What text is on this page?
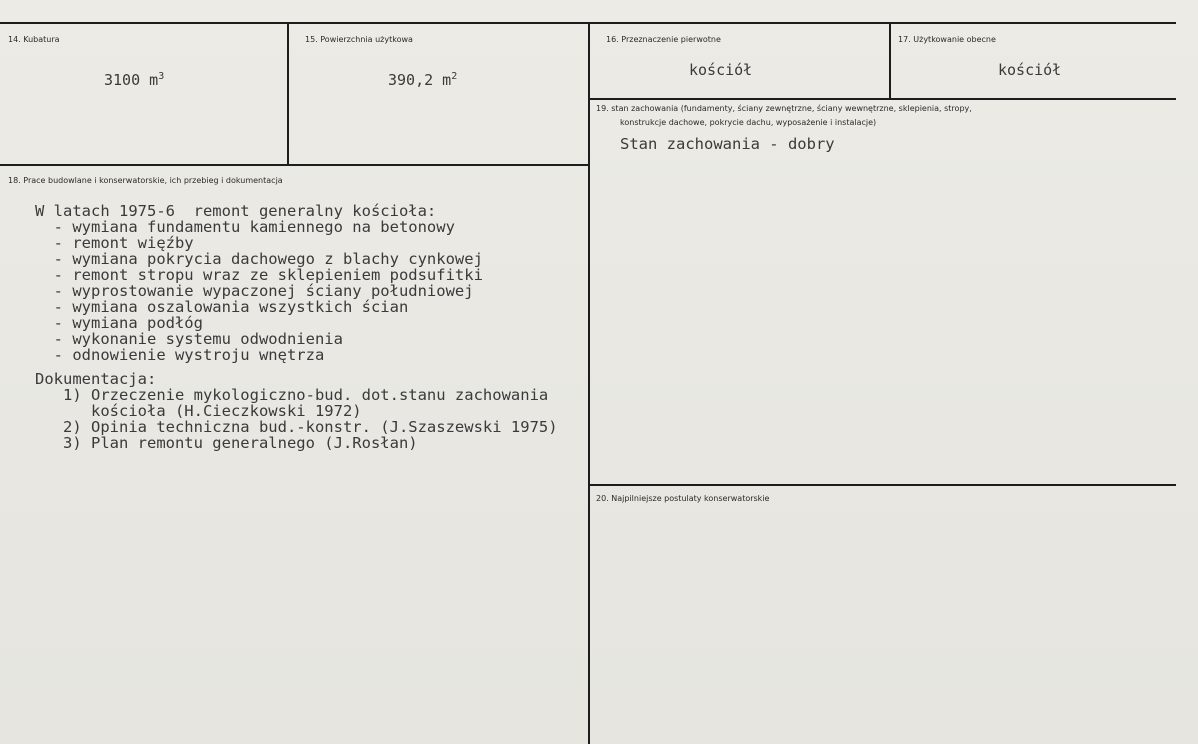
14. Kubatura
3100 $m^3$
15. Powierzchnia użytkowa
390,2 $m^2$
16. Przeznaczenie pierwotne
kościół
17. Użytkowanie obecne
kościół
18. Prace budowlane i konserwatorskie, ich przebieg i dokumentacja
W latach 1975-6  remont generalny kościoła:
- wymiana fundamentu kamiennego na betonowy
- remont więźby
- wymiana pokrycia dachowego z blachy cynkowej
- remont stropu wraz ze sklepieniem podsufitki
- wyprostowanie wypaczonej ściany południowej
- wymiana oszalowania wszystkich ścian
- wymiana podłóg
- wykonanie systemu odwodnienia
- odnowienie wystroju wnętrza

Dokumentacja:
1) Orzeczenie mykologiczno-bud. dot.stanu zachowania
kościoła (H.Cieczkowski 1972)
2) Opinia techniczna bud.-konstr. (J.Szaszewski 1975)
3) Plan remontu generalnego (J.Rosłan)
19. stan zachowania (fundamenty, ściany zewnętrzne, ściany wewnętrzne, sklepienia, stropy,
konstrukcje dachowe, pokrycie dachu, wyposażenie i instalacje)
Stan zachowania - dobry
20. Najpilniejsze postulaty konserwatorskie
